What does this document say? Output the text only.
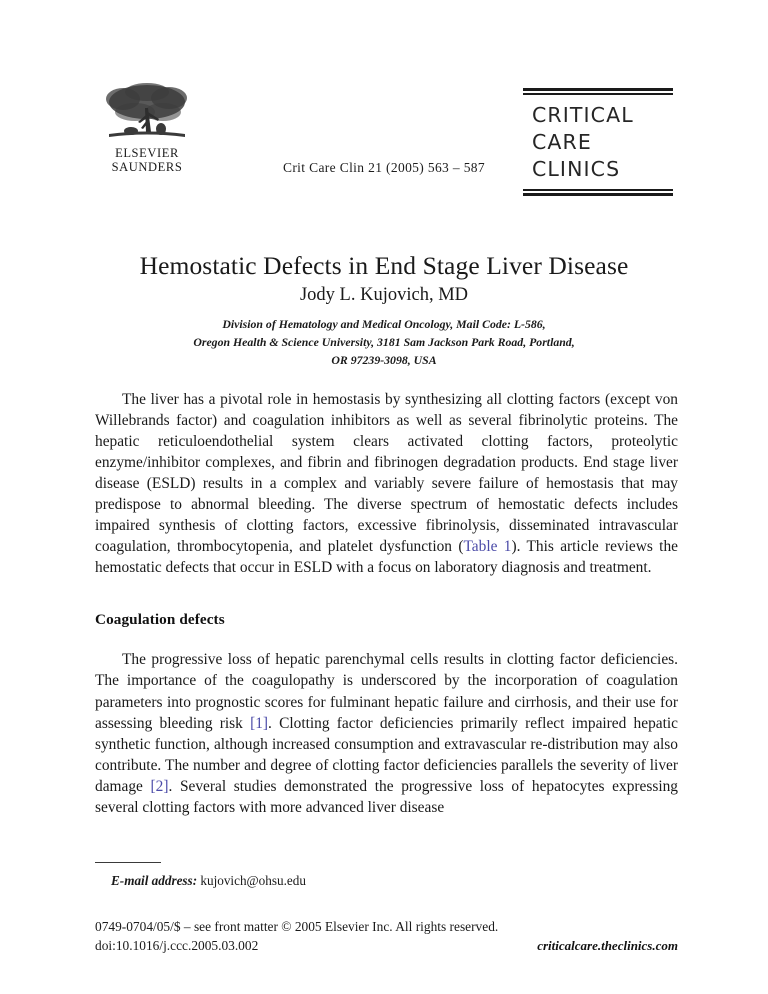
ELSEVIER
SAUNDERS	Crit Care Clin 21 (2005) 563 – 587
CRITICAL
CARE
CLINICS
Hemostatic Defects in End Stage Liver Disease
Jody L. Kujovich, MD
Division of Hematology and Medical Oncology, Mail Code: L-586,
Oregon Health & Science University, 3181 Sam Jackson Park Road, Portland,
OR 97239-3098, USA

The liver has a pivotal role in hemostasis by synthesizing all clotting factors (except von Willebrands factor) and coagulation inhibitors as well as several fibrinolytic proteins. The hepatic reticuloendothelial system clears activated clotting factors, proteolytic enzyme/inhibitor complexes, and fibrin and fibrinogen degradation products. End stage liver disease (ESLD) results in a complex and variably severe failure of hemostasis that may predispose to abnormal bleeding. The diverse spectrum of hemostatic defects includes impaired synthesis of clotting factors, excessive fibrinolysis, disseminated intravascular coagulation, thrombocytopenia, and platelet dysfunction (Table 1). This article reviews the hemostatic defects that occur in ESLD with a focus on laboratory diagnosis and treatment.

Coagulation defects

The progressive loss of hepatic parenchymal cells results in clotting factor deficiencies. The importance of the coagulopathy is underscored by the incorporation of coagulation parameters into prognostic scores for fulminant hepatic failure and cirrhosis, and their use for assessing bleeding risk [1]. Clotting factor deficiencies primarily reflect impaired hepatic synthetic function, although increased consumption and extravascular re-distribution may also contribute. The number and degree of clotting factor deficiencies parallels the severity of liver damage [2]. Several studies demonstrated the progressive loss of hepatocytes expressing several clotting factors with more advanced liver disease

E-mail address: kujovich@ohsu.edu
0749-0704/05/$ – see front matter © 2005 Elsevier Inc. All rights reserved.
doi:10.1016/j.ccc.2005.03.002	criticalcare.theclinics.com
